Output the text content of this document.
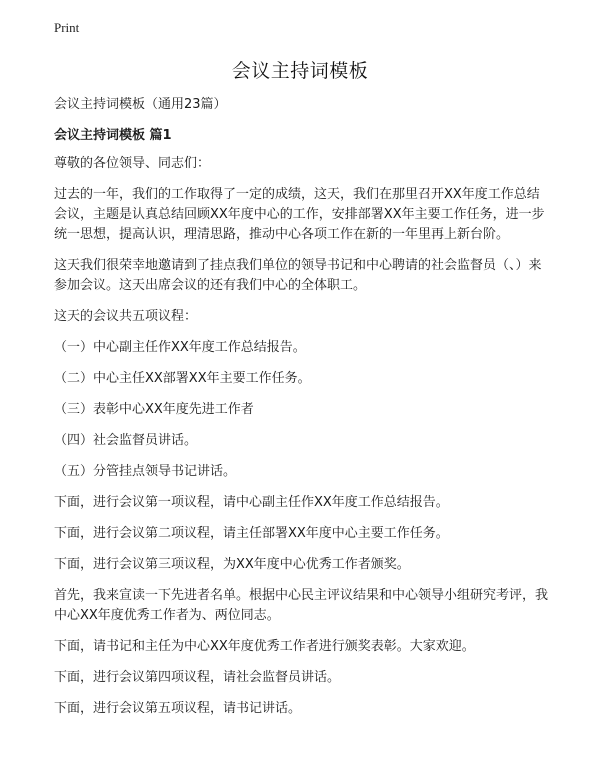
Print
会议主持词模板
会议主持词模板（通用23篇）
会议主持词模板 篇1

尊敬的各位领导、同志们：

过去的一年，我们的工作取得了一定的成绩，这天，我们在那里召开XX年度工作总结会议，主题是认真总结回顾XX年度中心的工作，安排部署XX年主要工作任务，进一步统一思想，提高认识，理清思路，推动中心各项工作在新的一年里再上新台阶。

这天我们很荣幸地邀请到了挂点我们单位的领导书记和中心聘请的社会监督员（、）来参加会议。这天出席会议的还有我们中心的全体职工。

这天的会议共五项议程：

（一）中心副主任作XX年度工作总结报告。

（二）中心主任XX部署XX年主要工作任务。

（三）表彰中心XX年度先进工作者

（四）社会监督员讲话。

（五）分管挂点领导书记讲话。

下面，进行会议第一项议程，请中心副主任作XX年度工作总结报告。

下面，进行会议第二项议程，请主任部署XX年度中心主要工作任务。

下面，进行会议第三项议程，为XX年度中心优秀工作者颁奖。

首先，我来宣读一下先进者名单。根据中心民主评议结果和中心领导小组研究考评，我中心XX年度优秀工作者为、两位同志。

下面，请书记和主任为中心XX年度优秀工作者进行颁奖表彰。大家欢迎。

下面，进行会议第四项议程，请社会监督员讲话。

下面，进行会议第五项议程，请书记讲话。
